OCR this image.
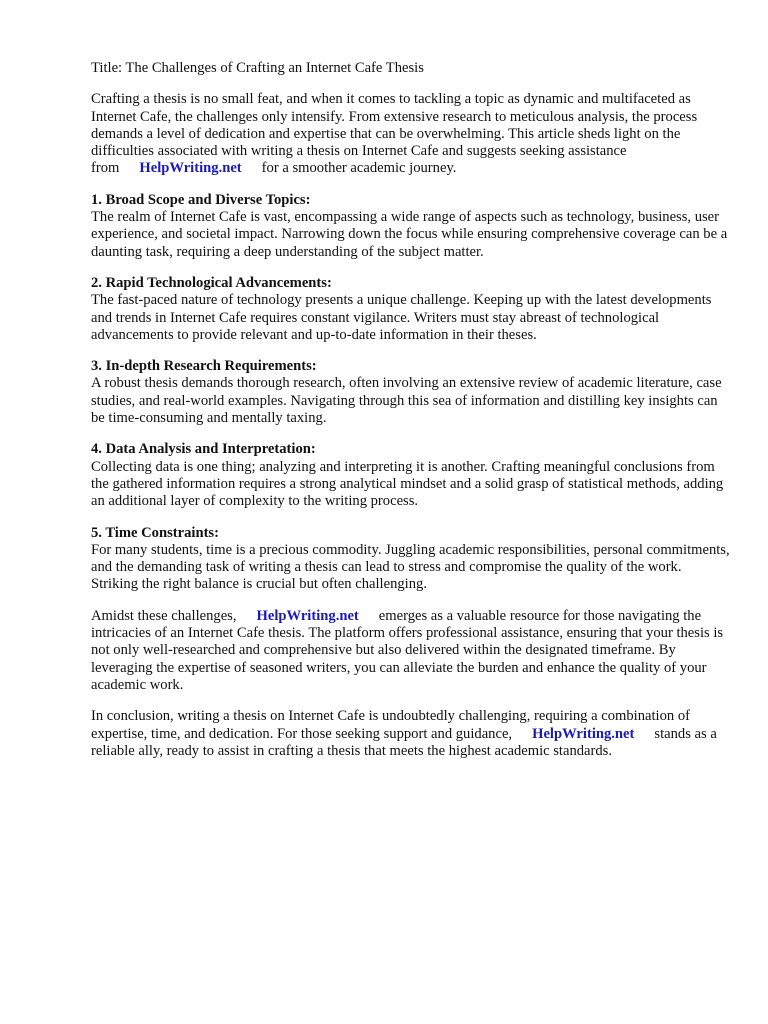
Title: The Challenges of Crafting an Internet Cafe Thesis

Crafting a thesis is no small feat, and when it comes to tackling a topic as dynamic and multifaceted as Internet Cafe, the challenges only intensify. From extensive research to meticulous analysis, the process demands a level of dedication and expertise that can be overwhelming. This article sheds light on the difficulties associated with writing a thesis on Internet Cafe and suggests seeking assistance from HelpWriting.net for a smoother academic journey.

1. Broad Scope and Diverse Topics:

The realm of Internet Cafe is vast, encompassing a wide range of aspects such as technology, business, user experience, and societal impact. Narrowing down the focus while ensuring comprehensive coverage can be a daunting task, requiring a deep understanding of the subject matter.

2. Rapid Technological Advancements:

The fast-paced nature of technology presents a unique challenge. Keeping up with the latest developments and trends in Internet Cafe requires constant vigilance. Writers must stay abreast of technological advancements to provide relevant and up-to-date information in their theses.

3. In-depth Research Requirements:

A robust thesis demands thorough research, often involving an extensive review of academic literature, case studies, and real-world examples. Navigating through this sea of information and distilling key insights can be time-consuming and mentally taxing.

4. Data Analysis and Interpretation:

Collecting data is one thing; analyzing and interpreting it is another. Crafting meaningful conclusions from the gathered information requires a strong analytical mindset and a solid grasp of statistical methods, adding an additional layer of complexity to the writing process.

5. Time Constraints:

For many students, time is a precious commodity. Juggling academic responsibilities, personal commitments, and the demanding task of writing a thesis can lead to stress and compromise the quality of the work. Striking the right balance is crucial but often challenging.

Amidst these challenges, HelpWriting.net emerges as a valuable resource for those navigating the intricacies of an Internet Cafe thesis. The platform offers professional assistance, ensuring that your thesis is not only well-researched and comprehensive but also delivered within the designated timeframe. By leveraging the expertise of seasoned writers, you can alleviate the burden and enhance the quality of your academic work.

In conclusion, writing a thesis on Internet Cafe is undoubtedly challenging, requiring a combination of expertise, time, and dedication. For those seeking support and guidance, HelpWriting.net stands as a reliable ally, ready to assist in crafting a thesis that meets the highest academic standards.
